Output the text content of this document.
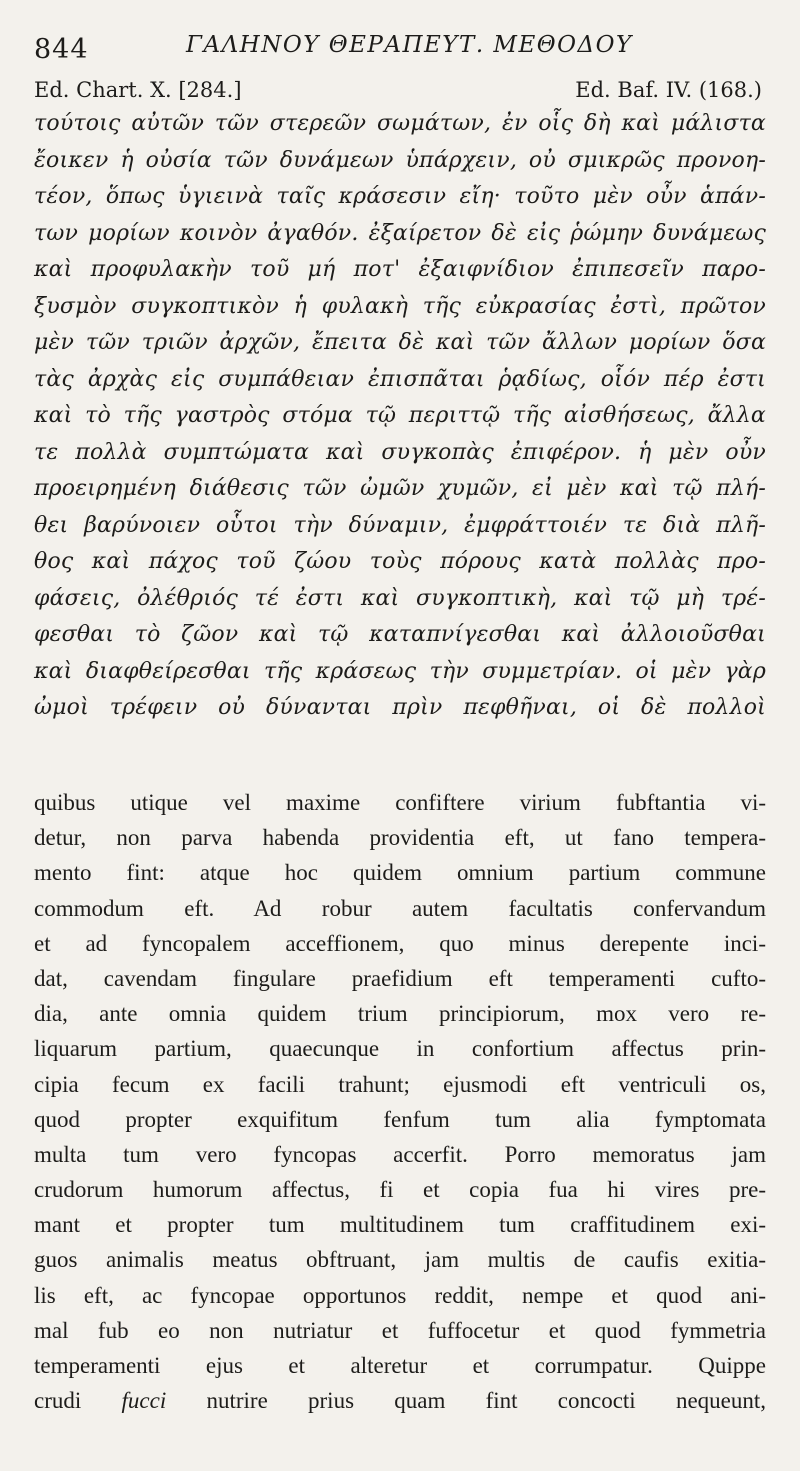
844	ΓΑΛΗΝΟΥ ΘΕΡΑΠΕΥΤ. ΜΕΘΟΔΟΥ
Ed. Chart. X. [284.]	Ed. Baf. IV. (168.)
τούτοις αὐτῶν τῶν στερεῶν σωμάτων, ἐν οἷς δὴ καὶ μάλιστα
ἔοικεν ἡ οὐσία τῶν δυνάμεων ὑπάρχειν, οὐ σμικρῶς προνοη-
τέον, ὅπως ὑγιεινὰ ταῖς κράσεσιν εἴη· τοῦτο μὲν οὖν ἁπάν-
των μορίων κοινὸν ἀγαθόν. ἐξαίρετον δὲ εἰς ῥώμην δυνάμεως
καὶ προφυλακὴν τοῦ μή ποτ' ἐξαιφνίδιον ἐπιπεσεῖν παρο-
ξυσμὸν συγκοπτικὸν ἡ φυλακὴ τῆς εὐκρασίας ἐστὶ, πρῶτον
μὲν τῶν τριῶν ἀρχῶν, ἔπειτα δὲ καὶ τῶν ἄλλων μορίων ὅσα
τὰς ἀρχὰς εἰς συμπάθειαν ἐπισπᾶται ῥᾳδίως, οἷόν πέρ ἐστι
καὶ τὸ τῆς γαστρὸς στόμα τῷ περιττῷ τῆς αἰσθήσεως, ἄλλα
τε πολλὰ συμπτώματα καὶ συγκοπὰς ἐπιφέρον. ἡ μὲν οὖν
προειρημένη διάθεσις τῶν ὠμῶν χυμῶν, εἰ μὲν καὶ τῷ πλή-
θει βαρύνοιεν οὗτοι τὴν δύναμιν, ἐμφράττοιέν τε διὰ πλῆ-
θος καὶ πάχος τοῦ ζώου τοὺς πόρους κατὰ πολλὰς προ-
φάσεις, ὀλέθριός τέ ἐστι καὶ συγκοπτικὴ, καὶ τῷ μὴ τρέ-
φεσθαι τὸ ζῶον καὶ τῷ καταπνίγεσθαι καὶ ἀλλοιοῦσθαι
καὶ διαφθείρεσθαι τῆς κράσεως τὴν συμμετρίαν. οἱ μὲν γὰρ
ὠμοὶ τρέφειν οὐ δύνανται πρὶν πεφθῆναι, οἱ δὲ πολλοὶ
quibus utique vel maxime confiftere virium fubftantia vi-
detur, non parva habenda providentia eft, ut fano tempera-
mento fint: atque hoc quidem omnium partium commune
commodum eft. Ad robur autem facultatis confervandum
et ad fyncopalem acceffionem, quo minus derepente inci-
dat, cavendam fingulare praefidium eft temperamenti cufto-
dia, ante omnia quidem trium principiorum, mox vero re-
liquarum partium, quaecunque in confortium affectus prin-
cipia fecum ex facili trahunt; ejusmodi eft ventriculi os,
quod propter exquifitum fenfum tum alia fymptomata
multa tum vero fyncopas accerfit. Porro memoratus jam
crudorum humorum affectus, fi et copia fua hi vires pre-
mant et propter tum multitudinem tum craffitudinem exi-
guos animalis meatus obftruant, jam multis de caufis exitia-
lis eft, ac fyncopae opportunos reddit, nempe et quod ani-
mal fub eo non nutriatur et fuffocetur et quod fymmetria
temperamenti ejus et alteretur et corrumpatur. Quippe
crudi fucci nutrire prius quam fint concocti nequeunt,
